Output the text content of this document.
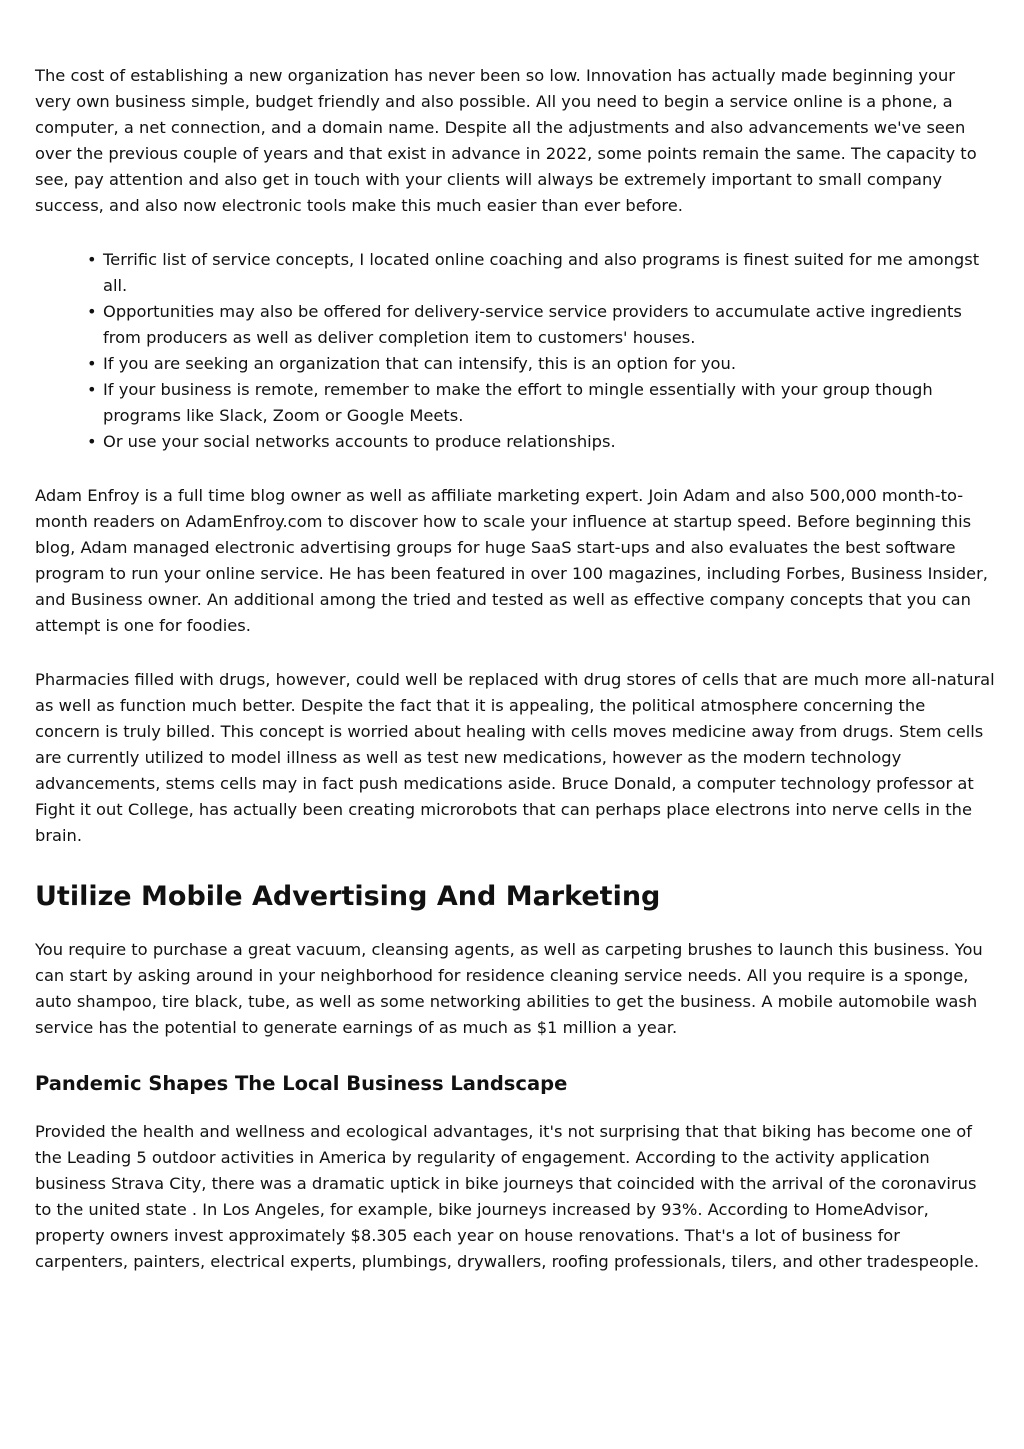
The cost of establishing a new organization has never been so low. Innovation has actually made beginning your very own business simple, budget friendly and also possible. All you need to begin a service online is a phone, a computer, a net connection, and a domain name. Despite all the adjustments and also advancements we've seen over the previous couple of years and that exist in advance in 2022, some points remain the same. The capacity to see, pay attention and also get in touch with your clients will always be extremely important to small company success, and also now electronic tools make this much easier than ever before.

• Terrific list of service concepts, I located online coaching and also programs is finest suited for me amongst all.
• Opportunities may also be offered for delivery-service service providers to accumulate active ingredients from producers as well as deliver completion item to customers' houses.
• If you are seeking an organization that can intensify, this is an option for you.
• If your business is remote, remember to make the effort to mingle essentially with your group though programs like Slack, Zoom or Google Meets.
• Or use your social networks accounts to produce relationships.

Adam Enfroy is a full time blog owner as well as affiliate marketing expert. Join Adam and also 500,000 month-to-month readers on AdamEnfroy.com to discover how to scale your influence at startup speed. Before beginning this blog, Adam managed electronic advertising groups for huge SaaS start-ups and also evaluates the best software program to run your online service. He has been featured in over 100 magazines, including Forbes, Business Insider, and Business owner. An additional among the tried and tested as well as effective company concepts that you can attempt is one for foodies.

Pharmacies filled with drugs, however, could well be replaced with drug stores of cells that are much more all-natural as well as function much better. Despite the fact that it is appealing, the political atmosphere concerning the concern is truly billed. This concept is worried about healing with cells moves medicine away from drugs. Stem cells are currently utilized to model illness as well as test new medications, however as the modern technology advancements, stems cells may in fact push medications aside. Bruce Donald, a computer technology professor at Fight it out College, has actually been creating microrobots that can perhaps place electrons into nerve cells in the brain.

Utilize Mobile Advertising And Marketing

You require to purchase a great vacuum, cleansing agents, as well as carpeting brushes to launch this business. You can start by asking around in your neighborhood for residence cleaning service needs. All you require is a sponge, auto shampoo, tire black, tube, as well as some networking abilities to get the business. A mobile automobile wash service has the potential to generate earnings of as much as $1 million a year.

Pandemic Shapes The Local Business Landscape

Provided the health and wellness and ecological advantages, it's not surprising that that biking has become one of the Leading 5 outdoor activities in America by regularity of engagement. According to the activity application business Strava City, there was a dramatic uptick in bike journeys that coincided with the arrival of the coronavirus to the united state . In Los Angeles, for example, bike journeys increased by 93%. According to HomeAdvisor, property owners invest approximately $8.305 each year on house renovations. That's a lot of business for carpenters, painters, electrical experts, plumbings, drywallers, roofing professionals, tilers, and other tradespeople.
